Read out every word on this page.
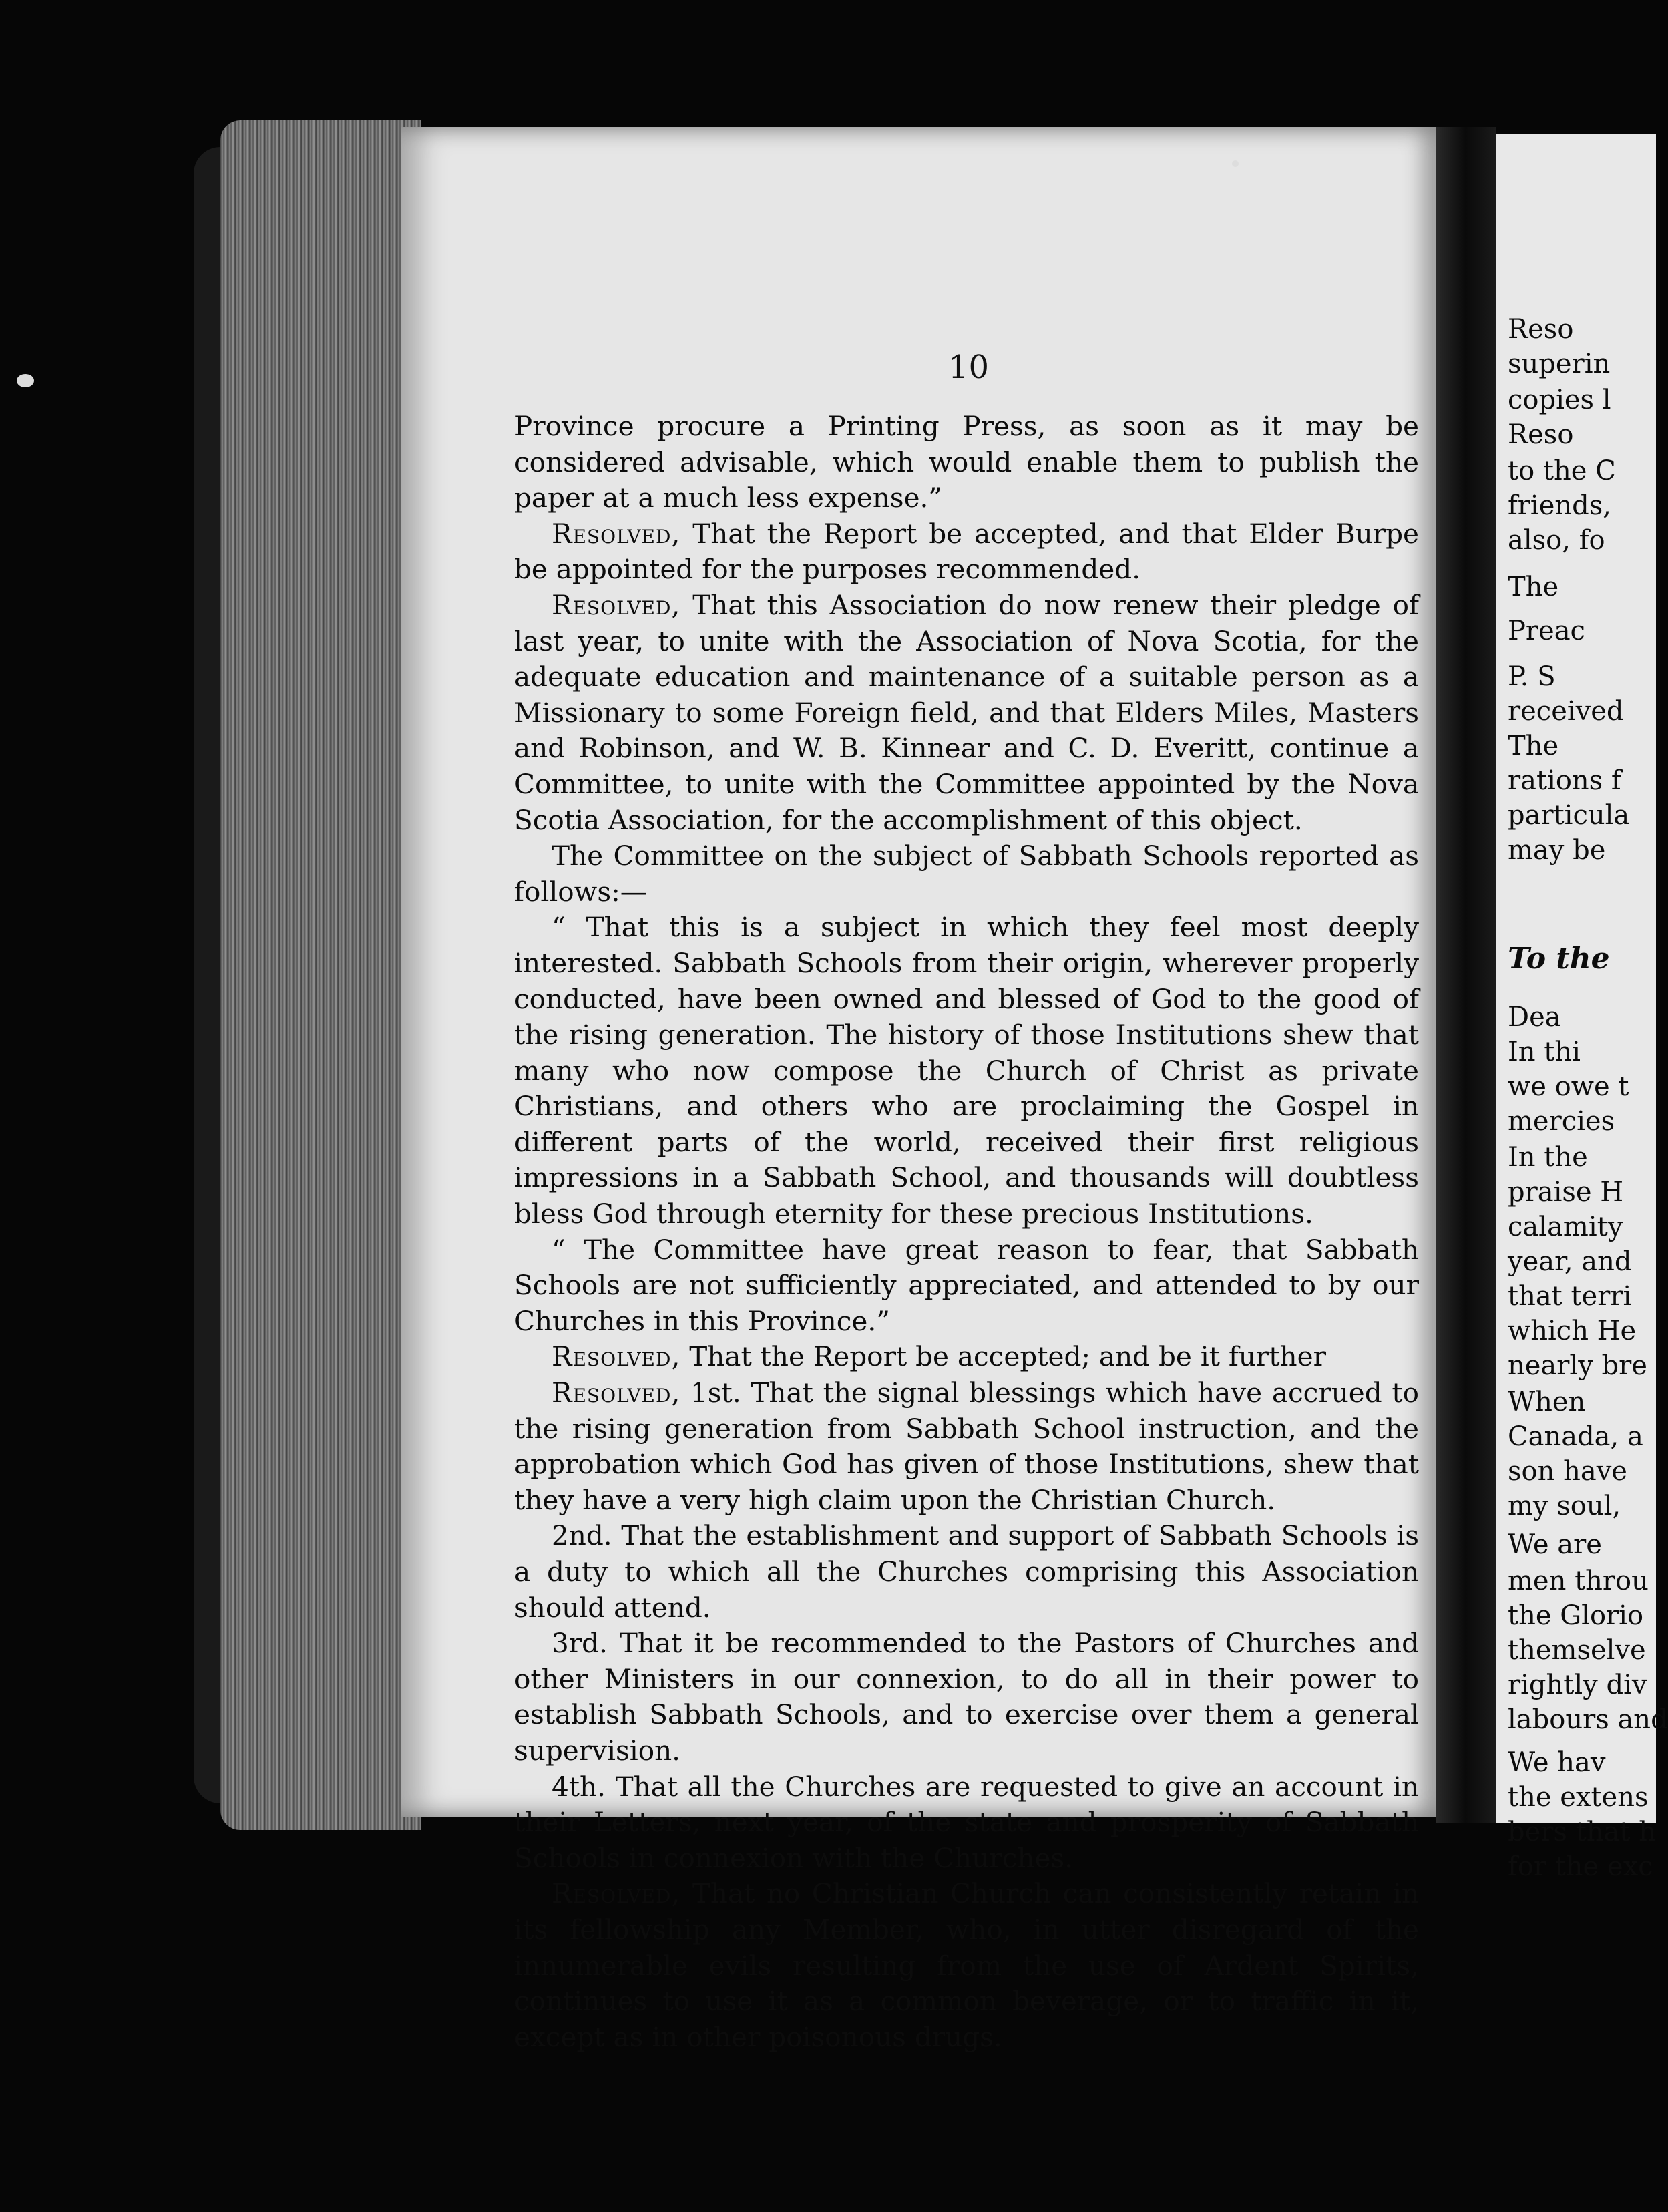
Reso
superin
copies l
Reso
to the C
friends,
also, fo
The
Preac
P. S
received
The
rations f
particula
may be
To the
Dea
In thi
we owe t
mercies
In the
praise H
calamity
year, and
that terri
which He
nearly bre
When
Canada, a
son have
my soul,
We are
men throu
the Glorio
themselve
rightly div
labours and
We hav
the extens
bers that h
for the exc
10

Province procure a Printing Press, as soon as it may be considered advisable, which would enable them to publish the paper at a much less expense.”

Resolved, That the Report be accepted, and that Elder Burpe be appointed for the purposes recommended.

Resolved, That this Association do now renew their pledge of last year, to unite with the Association of Nova Scotia, for the adequate education and maintenance of a suitable person as a Missionary to some Foreign field, and that Elders Miles, Masters and Robinson, and W. B. Kinnear and C. D. Everitt, continue a Committee, to unite with the Committee appointed by the Nova Scotia Association, for the accomplishment of this object.

The Committee on the subject of Sabbath Schools reported as follows:—

“ That this is a subject in which they feel most deeply interested. Sabbath Schools from their origin, wherever properly conducted, have been owned and blessed of God to the good of the rising generation. The history of those Institutions shew that many who now compose the Church of Christ as private Christians, and others who are proclaiming the Gospel in different parts of the world, received their first religious impressions in a Sabbath School, and thousands will doubtless bless God through eternity for these precious Institutions.

“ The Committee have great reason to fear, that Sabbath Schools are not sufficiently appreciated, and attended to by our Churches in this Province.”

Resolved, That the Report be accepted; and be it further

Resolved, 1st. That the signal blessings which have accrued to the rising generation from Sabbath School instruction, and the approbation which God has given of those Institutions, shew that they have a very high claim upon the Christian Church.

2nd. That the establishment and support of Sabbath Schools is a duty to which all the Churches comprising this Association should attend.

3rd. That it be recommended to the Pastors of Churches and other Ministers in our connexion, to do all in their power to establish Sabbath Schools, and to exercise over them a general supervision.

4th. That all the Churches are requested to give an account in their Letters, next year, of the state and prosperity of Sabbath Schools in connexion with the Churches.

Resolved, That no Christian Church can consistently retain in its fellowship any Member, who, in utter disregard of the innumerable evils resulting from the use of Ardent Spirits, continues to use it as a common beverage, or to traffic in it, except as in other poisonous drugs.
